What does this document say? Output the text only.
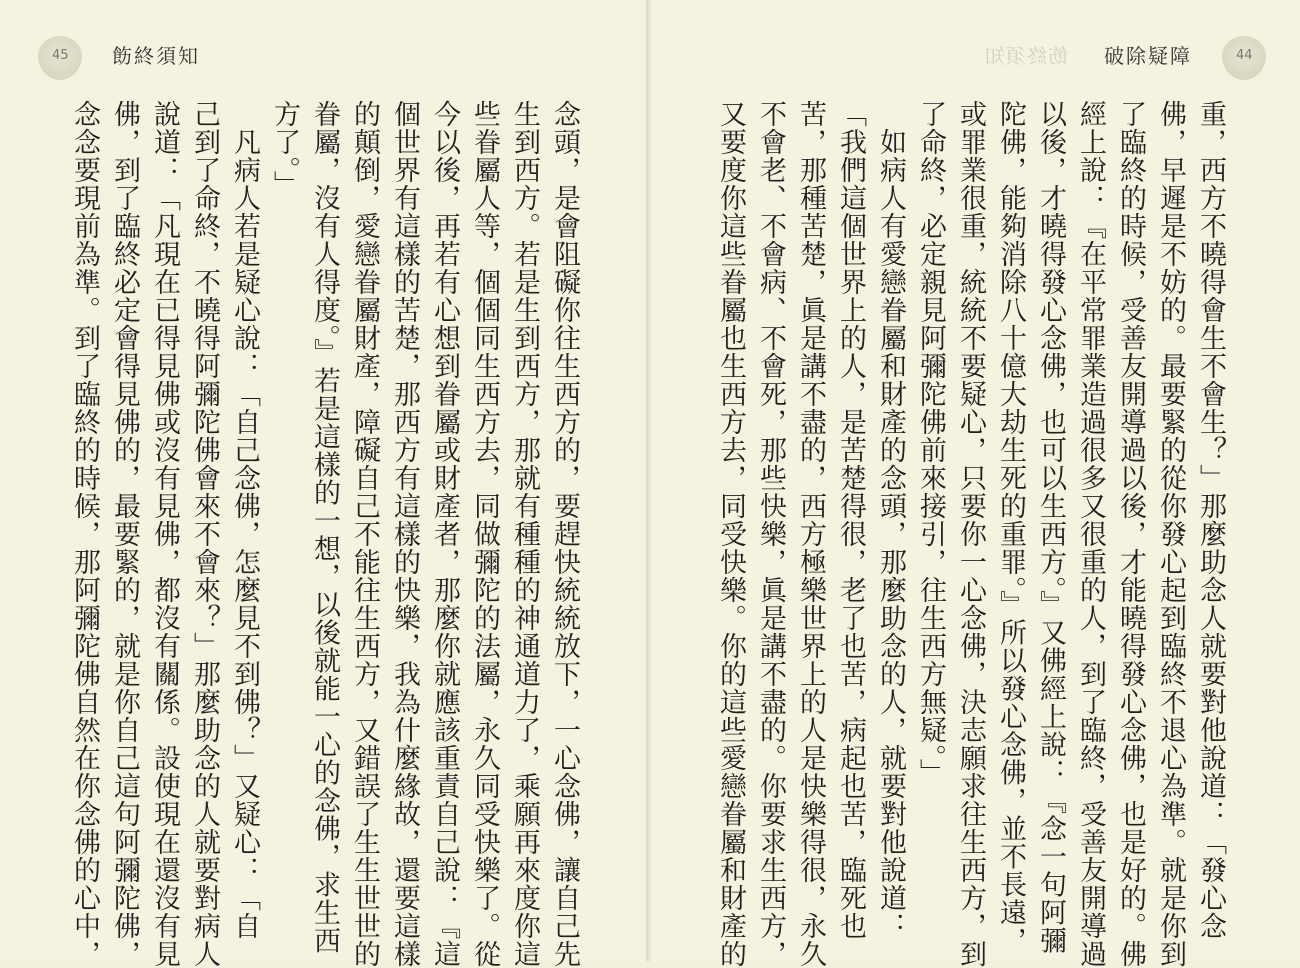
45 飭終須知
念頭，是會阻礙你往生西方的，要趕快統統放下，一心念佛，讓自己先
生到西方。若是生到西方，那就有種種的神通道力了，乘願再來度你這
些眷屬人等，個個同生西方去，同做彌陀的法屬，永久同受快樂了。從
今以後，再若有心想到眷屬或財產者，那麼你就應該重責自己說：『這
個世界有這樣的苦楚，那西方有這樣的快樂，我為什麼緣故，還要這樣
的顛倒，愛戀眷屬財產，障礙自己不能往生西方，又錯誤了生生世世的
眷屬，沒有人得度。』若是這樣的一想，以後就能一心的念佛，求生西
方了。」
　凡病人若是疑心說：「自己念佛，怎麼見不到佛？」又疑心：「自
己到了命終，不曉得阿彌陀佛會來不會來？」那麼助念的人就要對病人
說道：「凡現在已得見佛或沒有見佛，都沒有關係。設使現在還沒有見
佛，到了臨終必定會得見佛的，最要緊的，就是你自己這句阿彌陀佛，
念念要現前為準。到了臨終的時候，那阿彌陀佛自然在你念佛的心中，
飭終須知 破除疑障	44
重，西方不曉得會生不會生？」那麼助念人就要對他說道：「發心念
佛，早遲是不妨的。最要緊的從你發心起到臨終不退心為準。就是你到
了臨終的時候，受善友開導過以後，才能曉得發心念佛，也是好的。佛
經上說：『在平常罪業造過很多又很重的人，到了臨終，受善友開導過
以後，才曉得發心念佛，也可以生西方。』又佛經上說：『念一句阿彌
陀佛，能夠消除八十億大劫生死的重罪。』所以發心念佛，並不長遠，
或罪業很重，統統不要疑心，只要你一心念佛，決志願求往生西方，到
了命終，必定親見阿彌陀佛前來接引，往生西方無疑。」
　如病人有愛戀眷屬和財產的念頭，那麼助念的人，就要對他說道：
「我們這個世界上的人，是苦楚得很，老了也苦，病起也苦，臨死也
苦，那種苦楚，眞是講不盡的，西方極樂世界上的人是快樂得很，永久
不會老、不會病、不會死，那些快樂，眞是講不盡的。你要求生西方，
又要度你這些眷屬也生西方去，同受快樂。你的這些愛戀眷屬和財產的
